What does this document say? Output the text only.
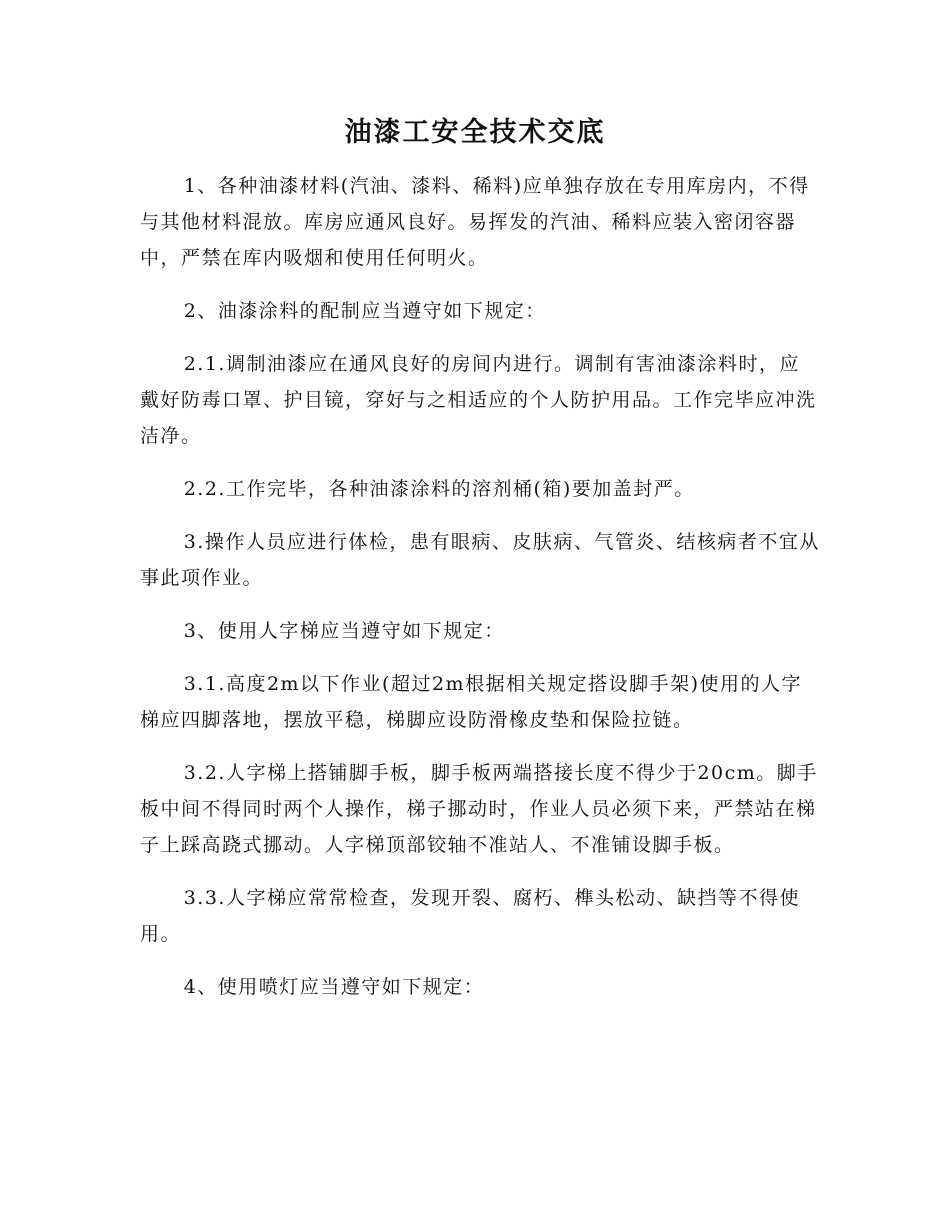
油漆工安全技术交底

1、各种油漆材料(汽油、漆料、稀料)应单独存放在专用库房内，不得与其他材料混放。库房应通风良好。易挥发的汽油、稀料应装入密闭容器中，严禁在库内吸烟和使用任何明火。

2、油漆涂料的配制应当遵守如下规定：

2.1.调制油漆应在通风良好的房间内进行。调制有害油漆涂料时，应戴好防毒口罩、护目镜，穿好与之相适应的个人防护用品。工作完毕应冲洗洁净。

2.2.工作完毕，各种油漆涂料的溶剂桶(箱)要加盖封严。

3.操作人员应进行体检，患有眼病、皮肤病、气管炎、结核病者不宜从事此项作业。

3、使用人字梯应当遵守如下规定：

3.1.高度2m以下作业(超过2m根据相关规定搭设脚手架)使用的人字梯应四脚落地，摆放平稳，梯脚应设防滑橡皮垫和保险拉链。

3.2.人字梯上搭铺脚手板，脚手板两端搭接长度不得少于20cm。脚手板中间不得同时两个人操作，梯子挪动时，作业人员必须下来，严禁站在梯子上踩高跷式挪动。人字梯顶部铰轴不准站人、不准铺设脚手板。

3.3.人字梯应常常检查，发现开裂、腐朽、榫头松动、缺挡等不得使用。

4、使用喷灯应当遵守如下规定：
